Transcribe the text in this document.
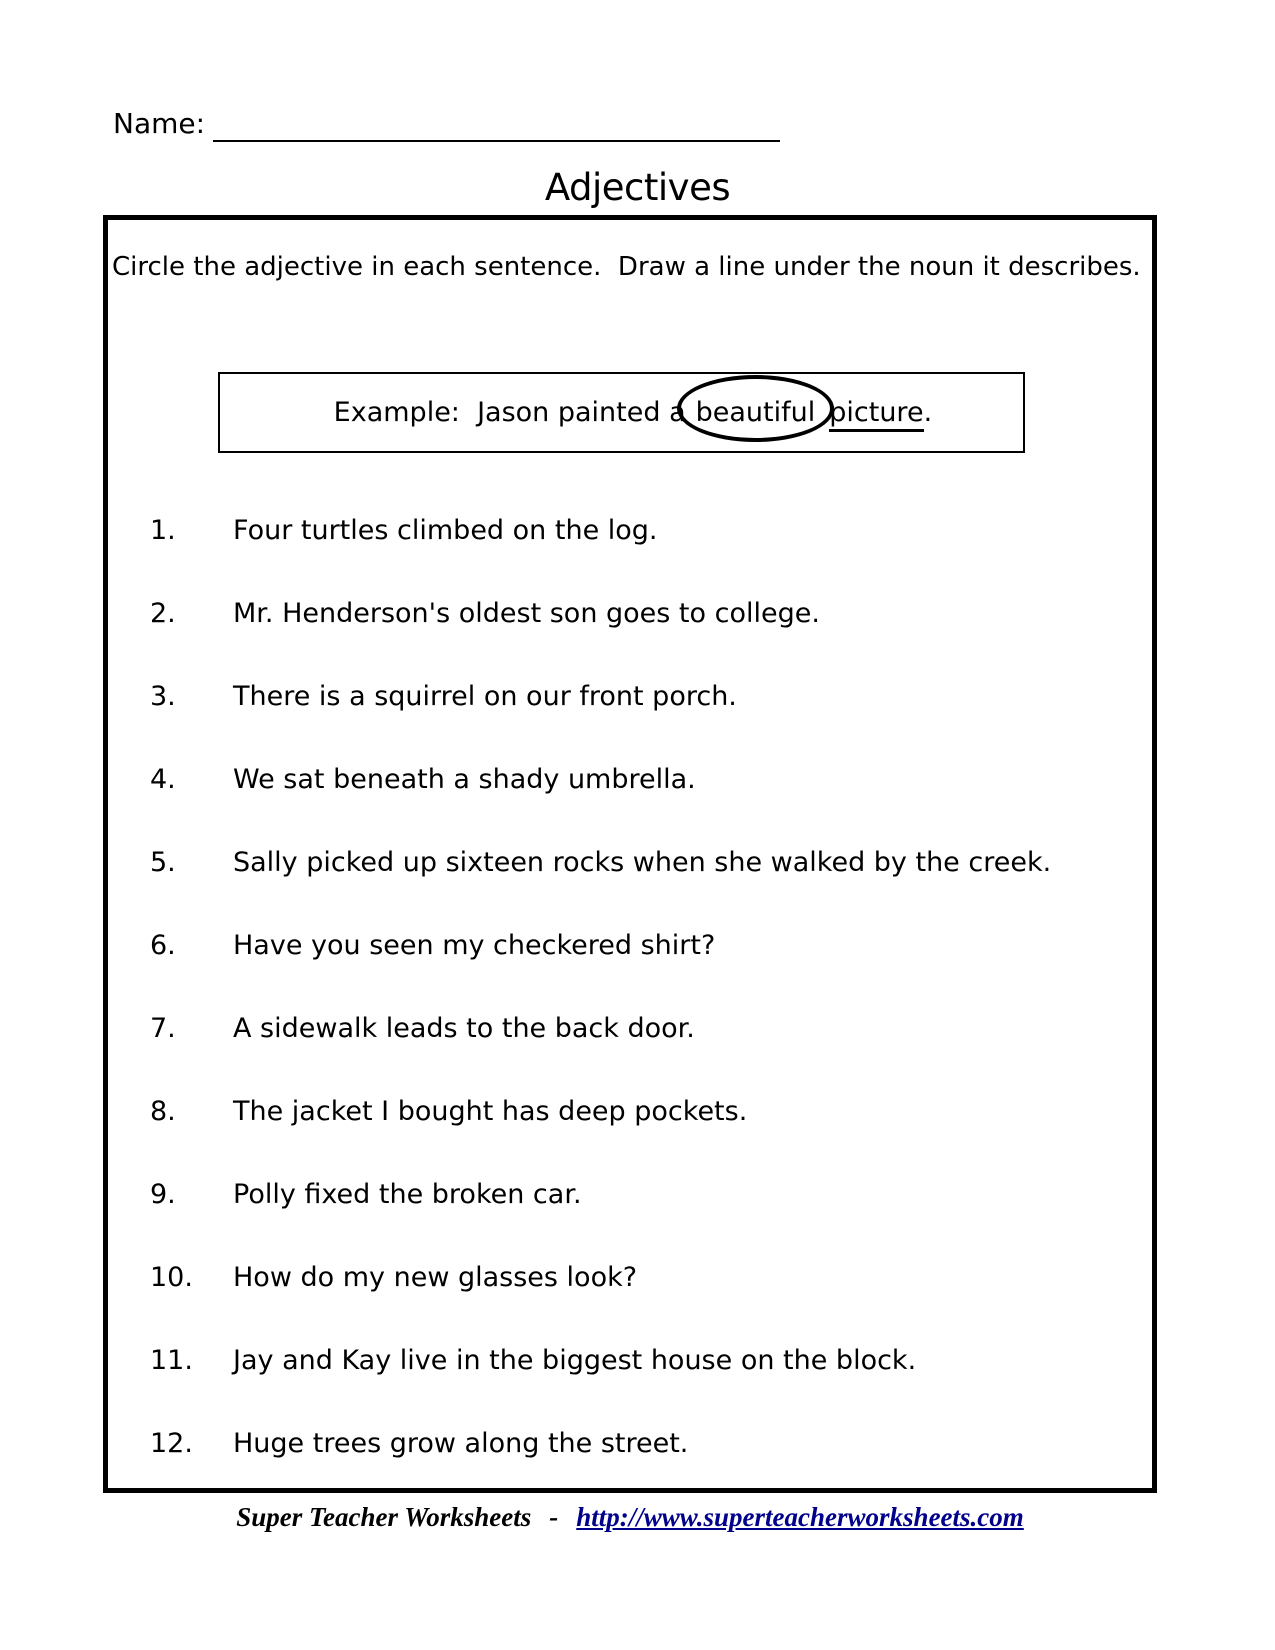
Name:
Adjectives
Circle the adjective in each sentence.  Draw a line under the noun it describes.

Example:  Jason painted a beautiful picture.

1.	Four turtles climbed on the log.
2.	Mr. Henderson's oldest son goes to college.
3.	There is a squirrel on our front porch.
4.	We sat beneath a shady umbrella.
5.	Sally picked up sixteen rocks when she walked by the creek.
6.	Have you seen my checkered shirt?
7.	A sidewalk leads to the back door.
8.	The jacket I bought has deep pockets.
9.	Polly fixed the broken car.
10.	How do my new glasses look?
11.	Jay and Kay live in the biggest house on the block.
12.	Huge trees grow along the street.
Super Teacher Worksheets - http://www.superteacherworksheets.com
